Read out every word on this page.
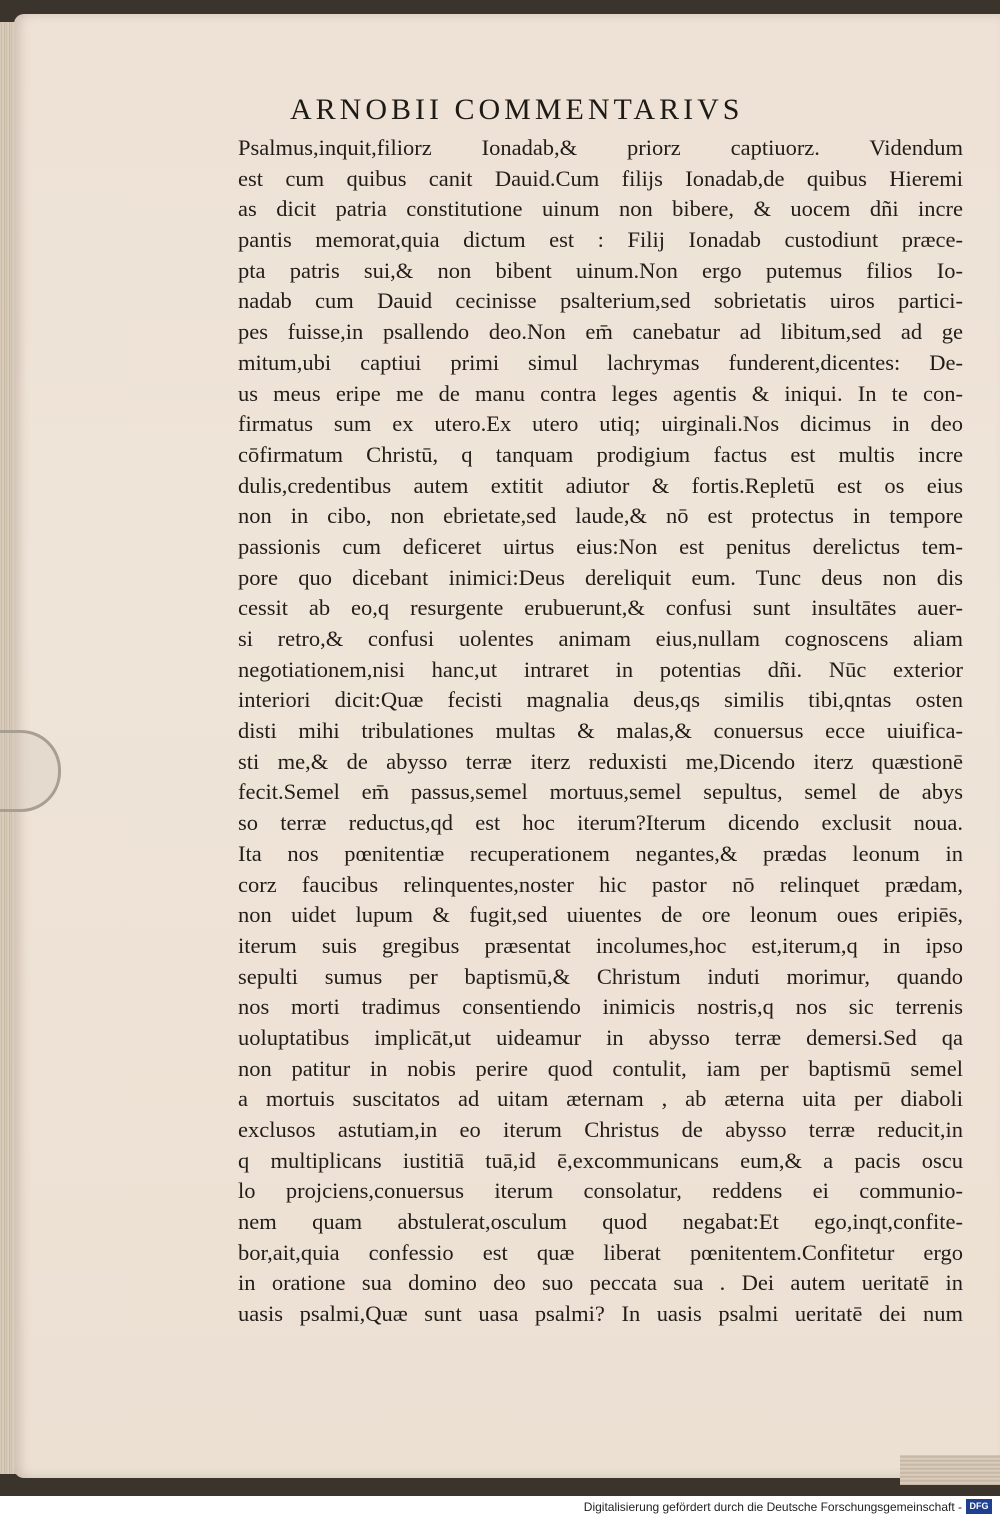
ARNOBII COMMENTARIVS
Psalmus,inquit,filiorz Ionadab,& priorz captiuorz. Videndum
est cum quibus canit Dauid.Cum filijs Ionadab,de quibus Hieremi
as dicit patria constitutione uinum non bibere, & uocem dñi incre
pantis memorat,quia dictum est : Filij Ionadab custodiunt præce-
pta patris sui,& non bibent uinum.Non ergo putemus filios Io-
nadab cum Dauid cecinisse psalterium,sed sobrietatis uiros partici-
pes fuisse,in psallendo deo.Non em̄ canebatur ad libitum,sed ad ge
mitum,ubi captiui primi simul lachrymas funderent,dicentes: De-
us meus eripe me de manu contra leges agentis & iniqui. In te con-
firmatus sum ex utero.Ex utero utiq; uirginali.Nos dicimus in deo
cōfirmatum Christū, q tanquam prodigium factus est multis incre
dulis,credentibus autem extitit adiutor & fortis.Repletū est os eius
non in cibo, non ebrietate,sed laude,& nō est protectus in tempore
passionis cum deficeret uirtus eius:Non est penitus derelictus tem-
pore quo dicebant inimici:Deus dereliquit eum. Tunc deus non dis
cessit ab eo,q resurgente erubuerunt,& confusi sunt insultātes auer-
si retro,& confusi uolentes animam eius,nullam cognoscens aliam
negotiationem,nisi hanc,ut intraret in potentias dñi. Nūc exterior
interiori dicit:Quæ fecisti magnalia deus,qs similis tibi,qntas osten
disti mihi tribulationes multas & malas,& conuersus ecce uiuifica-
sti me,& de abysso terræ iterz reduxisti me,Dicendo iterz quæstionē
fecit.Semel em̄ passus,semel mortuus,semel sepultus, semel de abys
so terræ reductus,qd est hoc iterum?Iterum dicendo exclusit noua.
Ita nos pœnitentiæ recuperationem negantes,& prædas leonum in
corz faucibus relinquentes,noster hic pastor nō relinquet prædam,
non uidet lupum & fugit,sed uiuentes de ore leonum oues eripiēs,
iterum suis gregibus præsentat incolumes,hoc est,iterum,q in ipso
sepulti sumus per baptismū,& Christum induti morimur, quando
nos morti tradimus consentiendo inimicis nostris,q nos sic terrenis
uoluptatibus implicāt,ut uideamur in abysso terræ demersi.Sed qa
non patitur in nobis perire quod contulit, iam per baptismū semel
a mortuis suscitatos ad uitam æternam , ab æterna uita per diaboli
exclusos astutiam,in eo iterum Christus de abysso terræ reducit,in
q multiplicans iustitiā tuā,id ē,excommunicans eum,& a pacis oscu
lo projciens,conuersus iterum consolatur, reddens ei communio-
nem quam abstulerat,osculum quod negabat:Et ego,inqt,confite-
bor,ait,quia confessio est quæ liberat pœnitentem.Confitetur ergo
in oratione sua domino deo suo peccata sua . Dei autem ueritatē in
uasis psalmi,Quæ sunt uasa psalmi? In uasis psalmi ueritatē dei num
Digitalisierung gefördert durch die Deutsche Forschungsgemeinschaft - DFG
